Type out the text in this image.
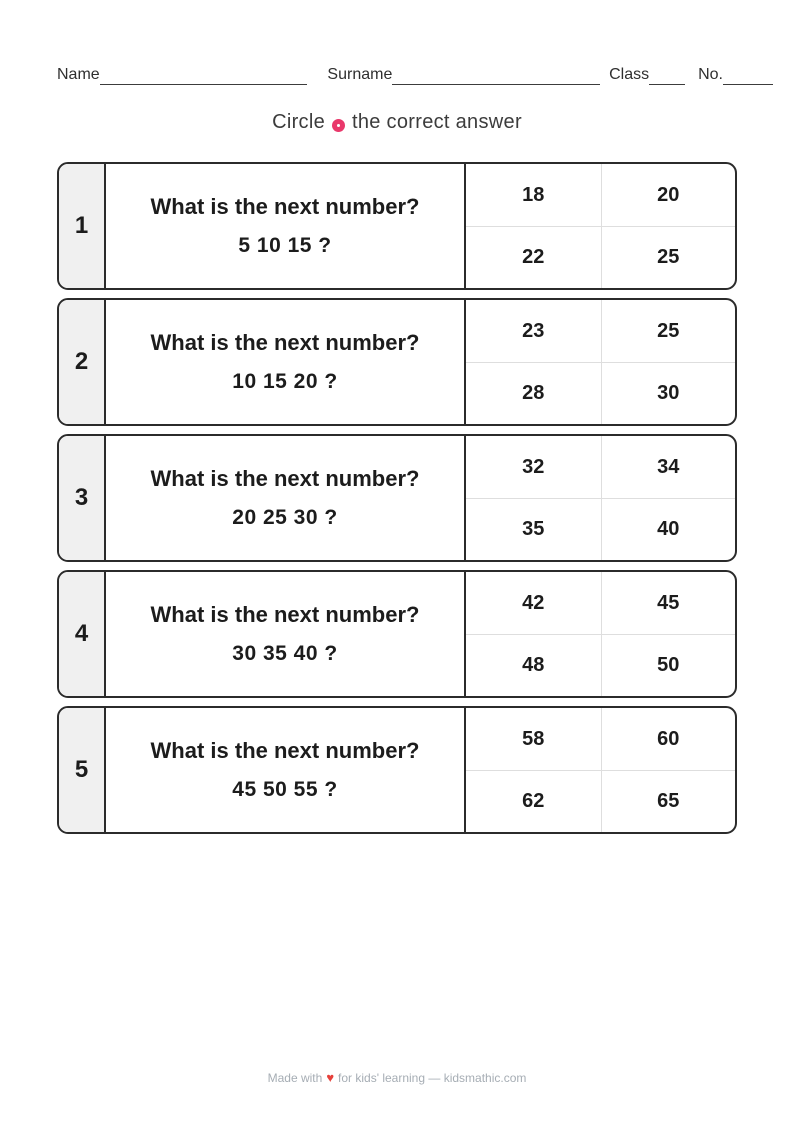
Name	Surname	Class	No.
Circle the correct answer
1
What is the next number?
5 10 15 ?
18	20
22	25
2
What is the next number?
10 15 20 ?
23	25
28	30
3
What is the next number?
20 25 30 ?
32	34
35	40
4
What is the next number?
30 35 40 ?
42	45
48	50
5
What is the next number?
45 50 55 ?
58	60
62	65
Made with ♥ for kids' learning — kidsmathic.com
